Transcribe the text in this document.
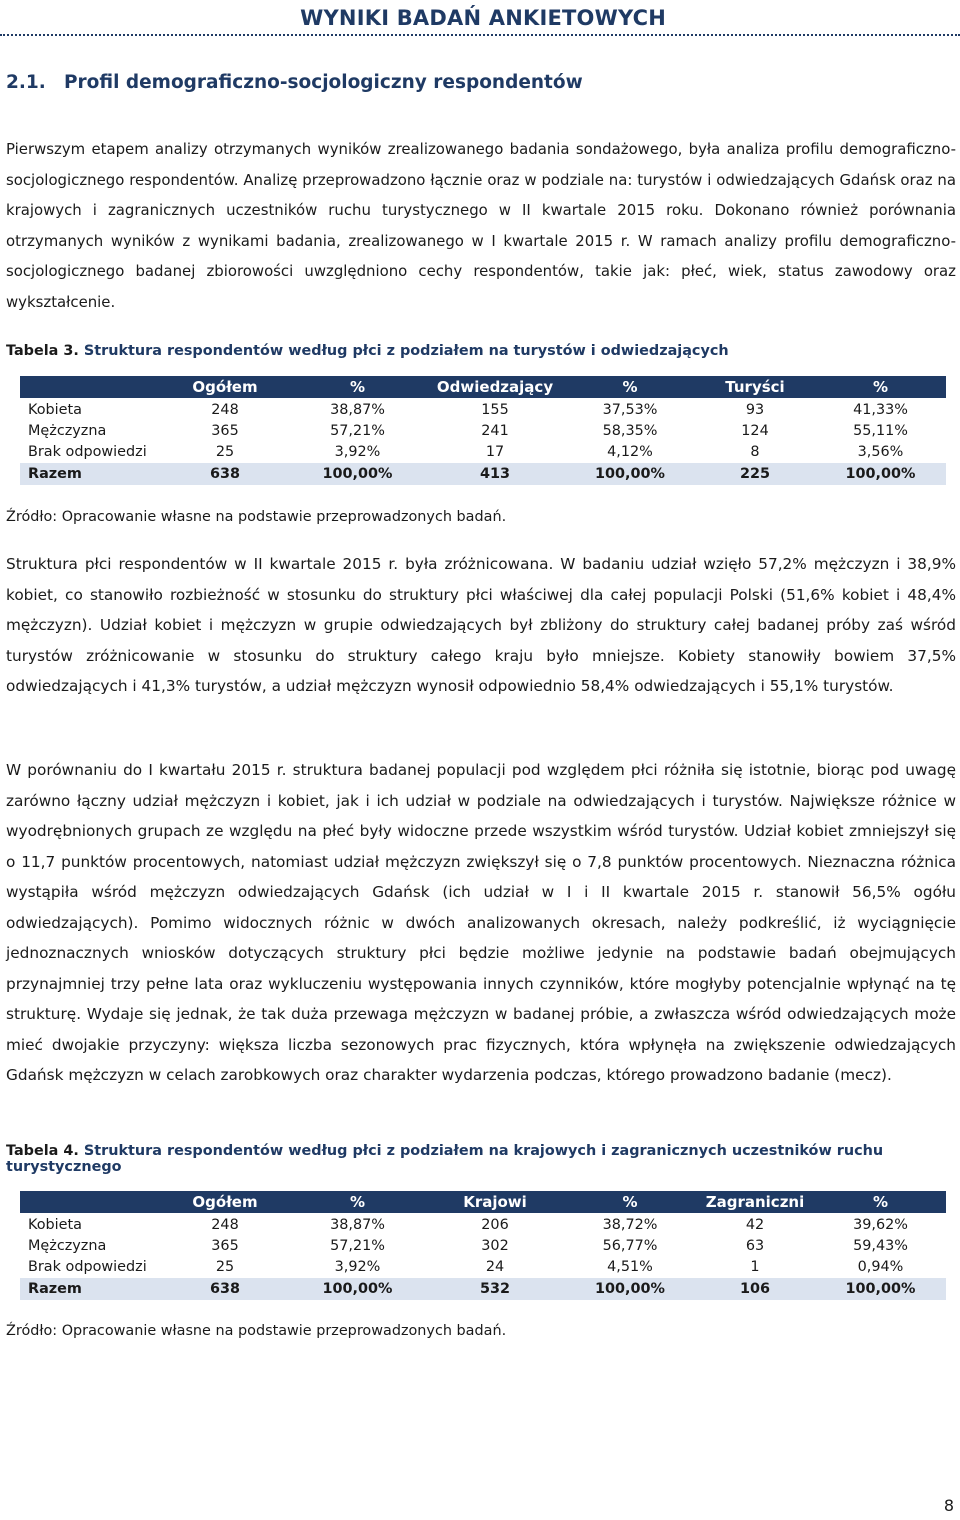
WYNIKI BADAŃ ANKIETOWYCH
2.1. Profil demograficzno-socjologiczny respondentów

Pierwszym etapem analizy otrzymanych wyników zrealizowanego badania sondażowego, była analiza profilu demograficzno-socjologicznego respondentów. Analizę przeprowadzono łącznie oraz w podziale na: turystów i odwiedzających Gdańsk oraz na krajowych i zagranicznych uczestników ruchu turystycznego w II kwartale 2015 roku. Dokonano również porównania otrzymanych wyników z wynikami badania, zrealizowanego w I kwartale 2015 r. W ramach analizy profilu demograficzno-socjologicznego badanej zbiorowości uwzględniono cechy respondentów, takie jak: płeć, wiek, status zawodowy oraz wykształcenie.

Tabela 3. Struktura respondentów według płci z podziałem na turystów i odwiedzających
	Ogółem	%	Odwiedzający	%	Turyści	%
Kobieta	248	38,87%	155	37,53%	93	41,33%
Mężczyzna	365	57,21%	241	58,35%	124	55,11%
Brak odpowiedzi	25	3,92%	17	4,12%	8	3,56%
Razem	638	100,00%	413	100,00%	225	100,00%
Źródło: Opracowanie własne na podstawie przeprowadzonych badań.

Struktura płci respondentów w II kwartale 2015 r. była zróżnicowana. W badaniu udział wzięło 57,2% mężczyzn i 38,9% kobiet, co stanowiło rozbieżność w stosunku do struktury płci właściwej dla całej populacji Polski (51,6% kobiet i 48,4% mężczyzn). Udział kobiet i mężczyzn w grupie odwiedzających był zbliżony do struktury całej badanej próby zaś wśród turystów zróżnicowanie w stosunku do struktury całego kraju było mniejsze. Kobiety stanowiły bowiem 37,5% odwiedzających i 41,3% turystów, a udział mężczyzn wynosił odpowiednio 58,4% odwiedzających i 55,1% turystów.

W porównaniu do I kwartału 2015 r. struktura badanej populacji pod względem płci różniła się istotnie, biorąc pod uwagę zarówno łączny udział mężczyzn i kobiet, jak i ich udział w podziale na odwiedzających i turystów. Największe różnice w wyodrębnionych grupach ze względu na płeć były widoczne przede wszystkim wśród turystów. Udział kobiet zmniejszył się o 11,7 punktów procentowych, natomiast udział mężczyzn zwiększył się o 7,8 punktów procentowych. Nieznaczna różnica wystąpiła wśród mężczyzn odwiedzających Gdańsk (ich udział w I i II kwartale 2015 r. stanowił 56,5% ogółu odwiedzających). Pomimo widocznych różnic w dwóch analizowanych okresach, należy podkreślić, iż wyciągnięcie jednoznacznych wniosków dotyczących struktury płci będzie możliwe jedynie na podstawie badań obejmujących przynajmniej trzy pełne lata oraz wykluczeniu występowania innych czynników, które mogłyby potencjalnie wpłynąć na tę strukturę. Wydaje się jednak, że tak duża przewaga mężczyzn w badanej próbie, a zwłaszcza wśród odwiedzających może mieć dwojakie przyczyny: większa liczba sezonowych prac fizycznych, która wpłynęła na zwiększenie odwiedzających Gdańsk mężczyzn w celach zarobkowych oraz charakter wydarzenia podczas, którego prowadzono badanie (mecz).

Tabela 4. Struktura respondentów według płci z podziałem na krajowych i zagranicznych uczestników ruchu turystycznego
	Ogółem	%	Krajowi	%	Zagraniczni	%
Kobieta	248	38,87%	206	38,72%	42	39,62%
Mężczyzna	365	57,21%	302	56,77%	63	59,43%
Brak odpowiedzi	25	3,92%	24	4,51%	1	0,94%
Razem	638	100,00%	532	100,00%	106	100,00%
Źródło: Opracowanie własne na podstawie przeprowadzonych badań.
8
